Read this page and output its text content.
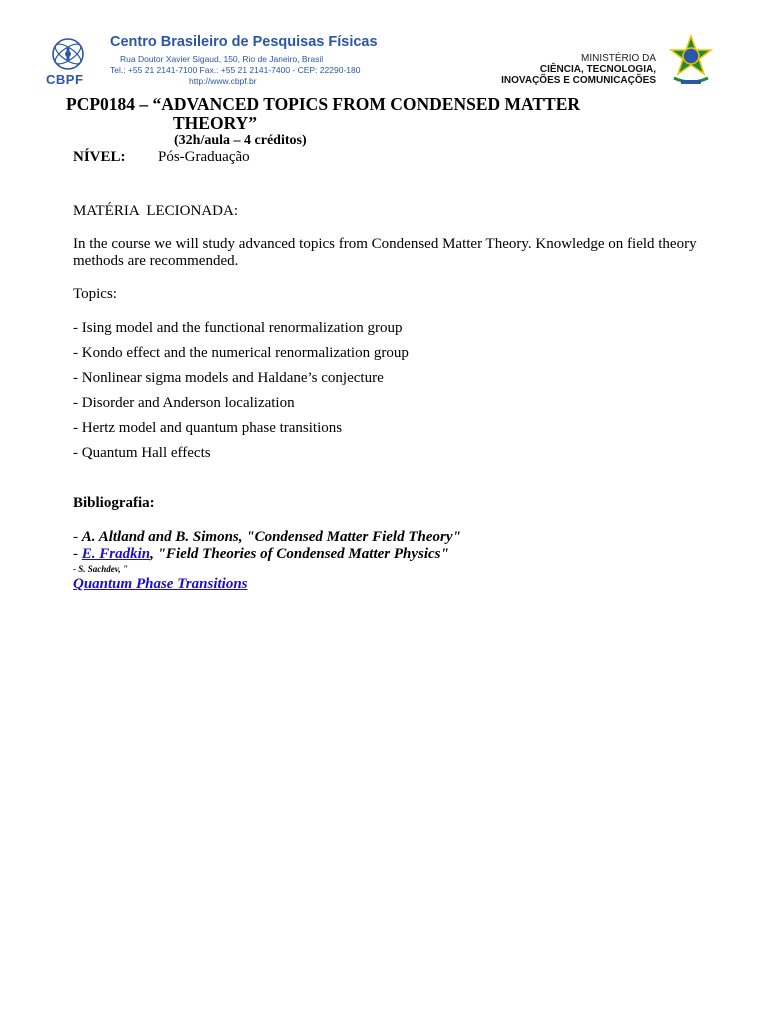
CBPF
Centro Brasileiro de Pesquisas Físicas
Rua Doutor Xavier Sigaud, 150, Rio de Janeiro, Brasil
Tel.: +55 21 2141-7100 Fax.: +55 21 2141-7400 - CEP: 22290-180
http://www.cbpf.br
MINISTÉRIO DA
CIÊNCIA, TECNOLOGIA,
INOVAÇÕES E COMUNICAÇÕES
PCP0184 – “ADVANCED TOPICS FROM CONDENSED MATTER
THEORY”
(32h/aula – 4 créditos)
NÍVEL: Pós-Graduação
MATÉRIA  LECIONADA:
In the course we will study advanced topics from Condensed Matter Theory. Knowledge on field theory methods are recommended.
Topics:
- Ising model and the functional renormalization group
- Kondo effect and the numerical renormalization group
- Nonlinear sigma models and Haldane’s conjecture
- Disorder and Anderson localization
- Hertz model and quantum phase transitions
- Quantum Hall effects
Bibliografia:
- A. Altland and B. Simons, "Condensed Matter Field Theory"
- E. Fradkin, "Field Theories of Condensed Matter Physics"
- S. Sachdev, "
Quantum Phase Transitions
